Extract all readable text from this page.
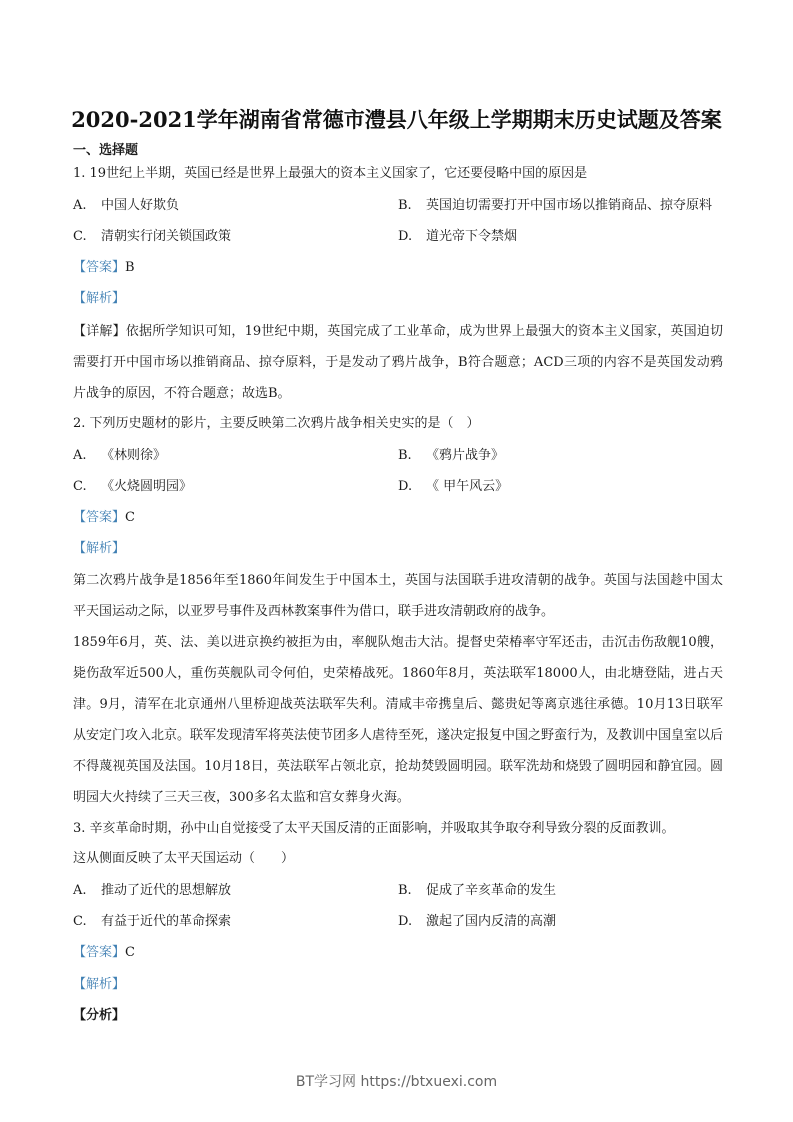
2020-2021学年湖南省常德市澧县八年级上学期期末历史试题及答案
一、选择题
1. 19世纪上半期，英国已经是世界上最强大的资本主义国家了，它还要侵略中国的原因是
A. 中国人好欺负	B. 英国迫切需要打开中国市场以推销商品、掠夺原料
C. 清朝实行闭关锁国政策	D. 道光帝下令禁烟
【答案】B
【解析】
【详解】依据所学知识可知，19世纪中期，英国完成了工业革命，成为世界上最强大的资本主义国家，英国迫切需要打开中国市场以推销商品、掠夺原料，于是发动了鸦片战争，B符合题意；ACD三项的内容不是英国发动鸦片战争的原因，不符合题意；故选B。
2. 下列历史题材的影片，主要反映第二次鸦片战争相关史实的是（　）
A. 《林则徐》	B. 《鸦片战争》
C. 《火烧圆明园》	D. 《 甲午风云》
【答案】C
【解析】
第二次鸦片战争是1856年至1860年间发生于中国本土，英国与法国联手进攻清朝的战争。英国与法国趁中国太平天国运动之际，以亚罗号事件及西林教案事件为借口，联手进攻清朝政府的战争。
1859年6月，英、法、美以进京换约被拒为由，率舰队炮击大沽。提督史荣椿率守军还击，击沉击伤敌舰10艘，毙伤敌军近500人，重伤英舰队司令何伯，史荣椿战死。1860年8月，英法联军18000人，由北塘登陆，进占天津。9月，清军在北京通州八里桥迎战英法联军失利。清咸丰帝携皇后、懿贵妃等离京逃往承德。10月13日联军从安定门攻入北京。联军发现清军将英法使节团多人虐待至死，遂决定报复中国之野蛮行为，及教训中国皇室以后不得蔑视英国及法国。10月18日，英法联军占领北京，抢劫焚毁圆明园。联军洗劫和烧毁了圆明园和静宜园。圆明园大火持续了三天三夜，300多名太监和宫女葬身火海。
3. 辛亥革命时期，孙中山自觉接受了太平天国反清的正面影响，并吸取其争取夺利导致分裂的反面教训。
这从侧面反映了太平天国运动（　　）
A. 推动了近代的思想解放	B. 促成了辛亥革命的发生
C. 有益于近代的革命探索	D. 激起了国内反清的高潮
【答案】C
【解析】
【分析】
BT学习网 https://btxuexi.com
